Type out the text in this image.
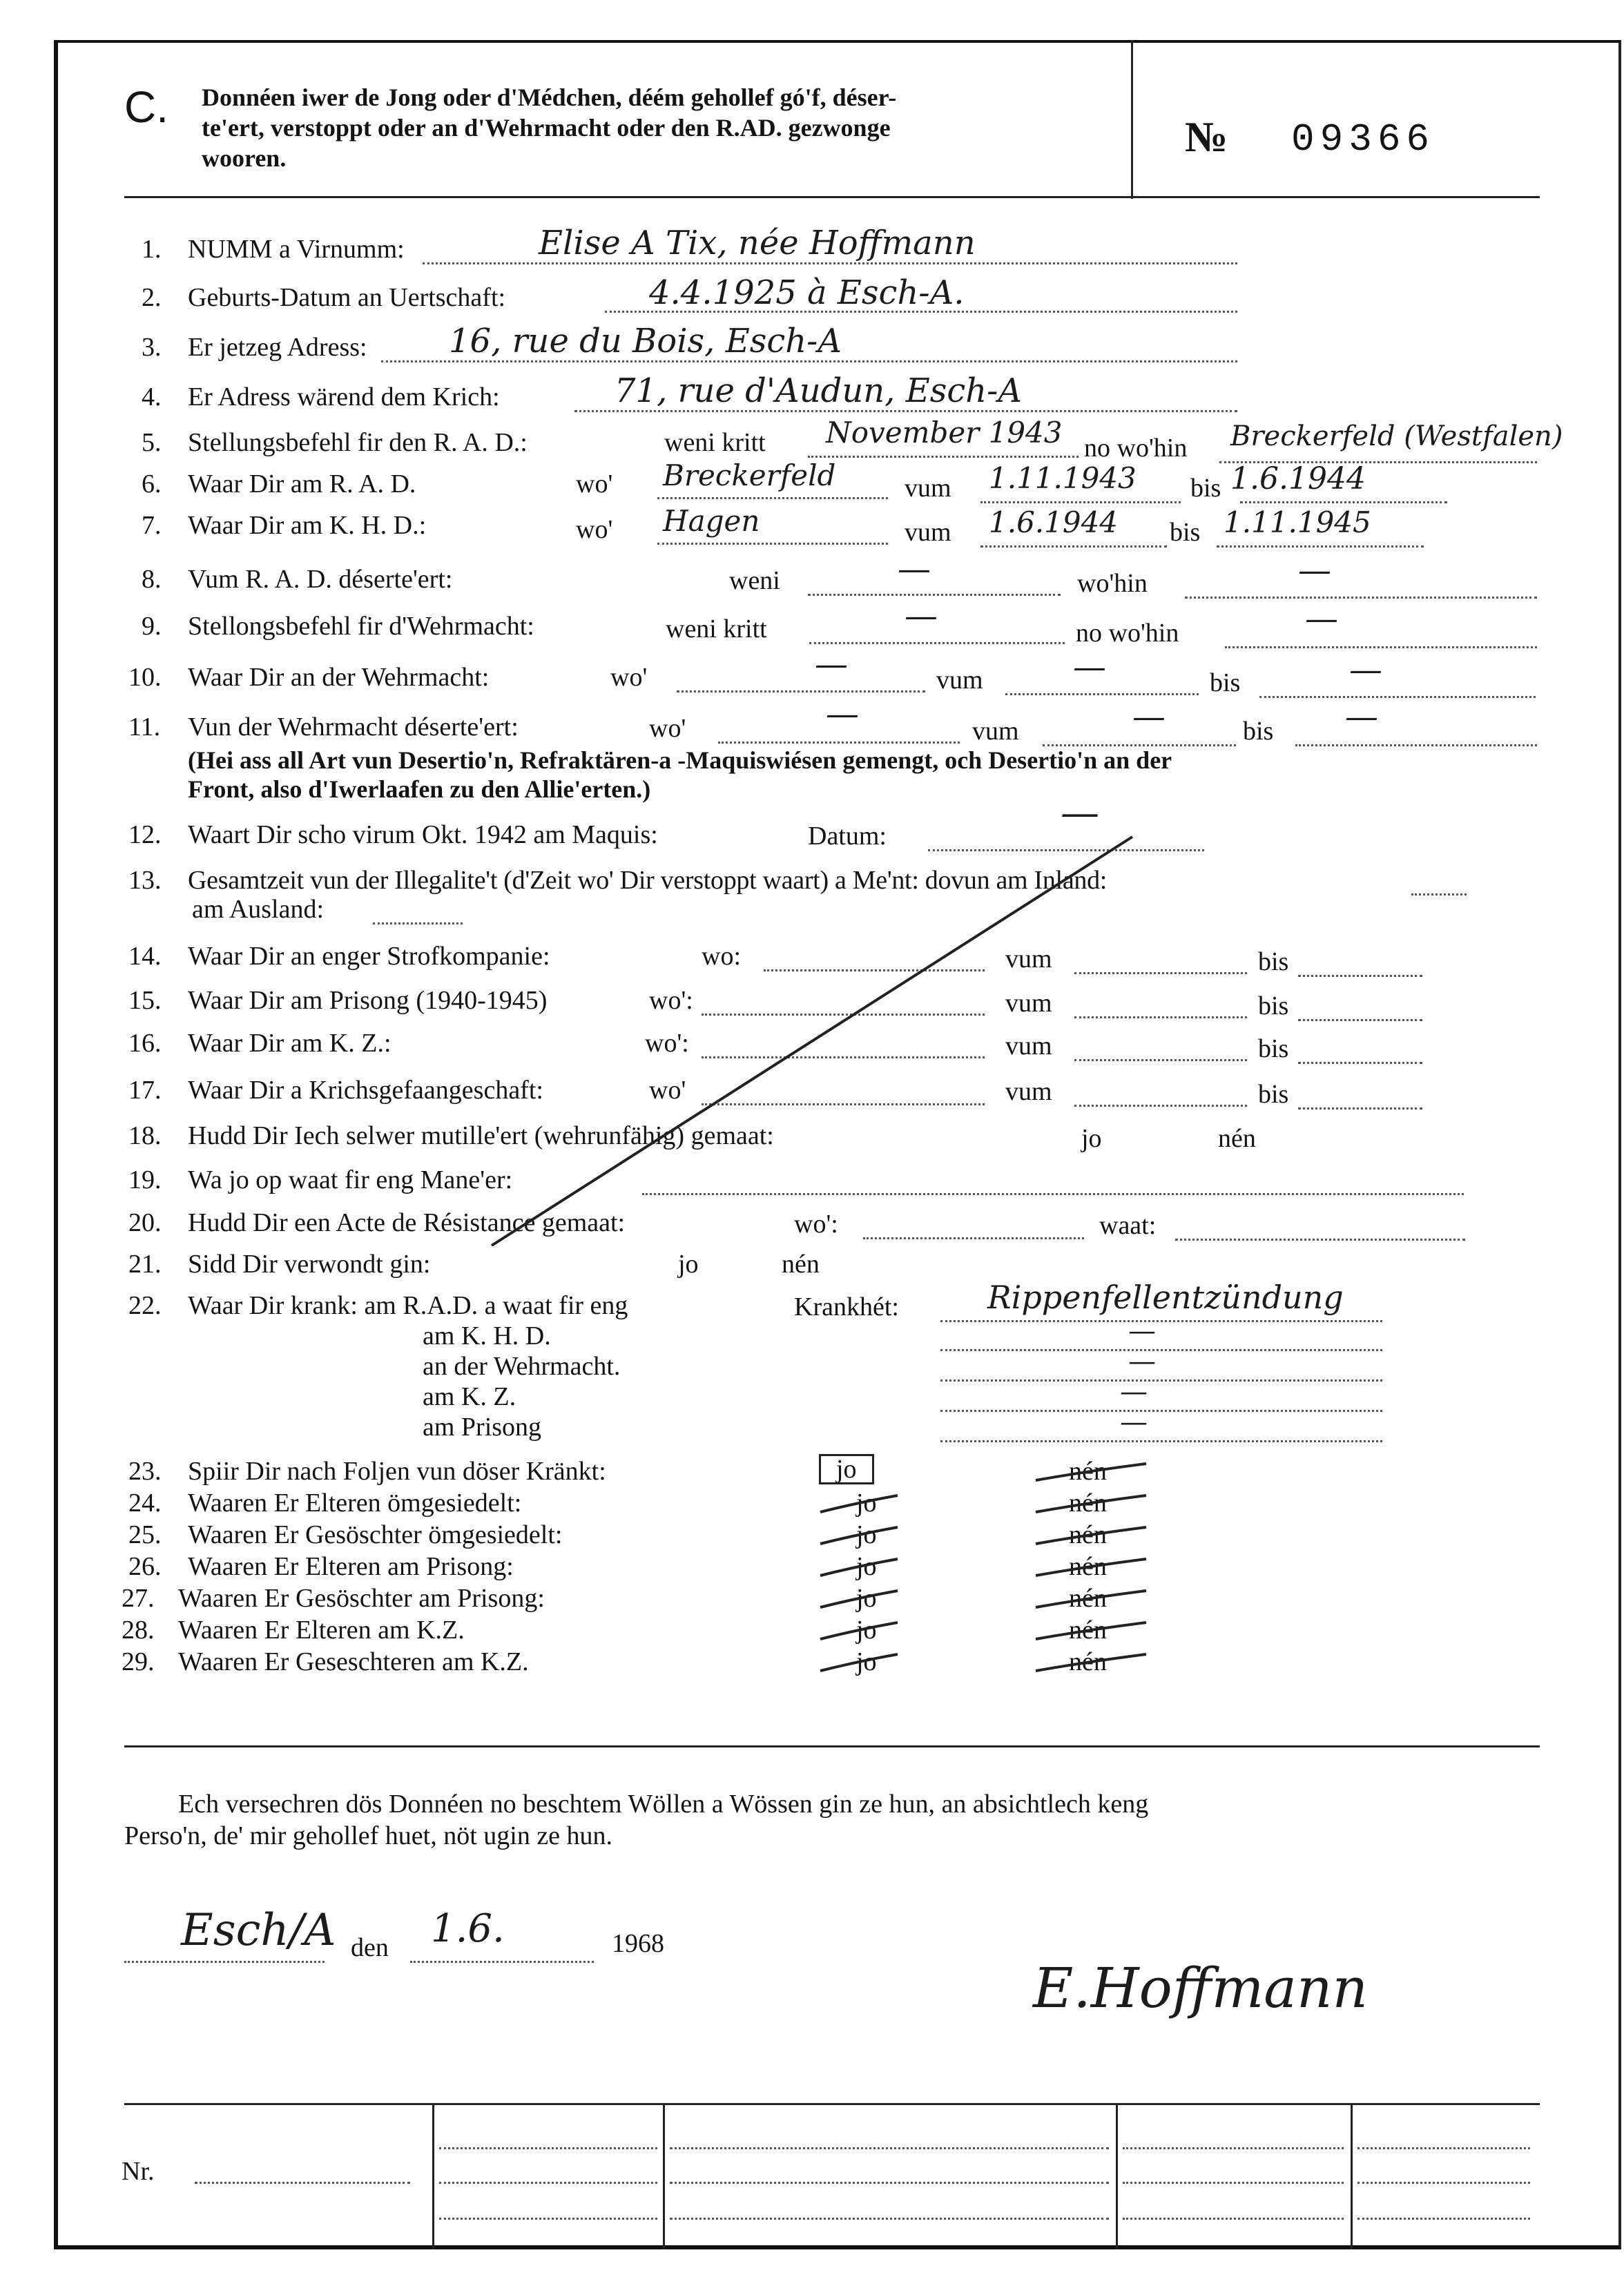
C. Donnéen iwer de Jong oder d'Médchen, déém gehollef gó'f, déser-
te'ert, verstoppt oder an d'Wehrmacht oder den R.AD. gezwonge
wooren.	№ 09366
1. NUMM a Virnumm:	Elise A Tix, née Hoffmann
2. Geburts-Datum an Uertschaft:	4.4.1925 à Esch-A.
3. Er jetzeg Adress: 16, rue du Bois, Esch-A
4. Er Adress wärend dem Krich:	71, rue d'Audun, Esch-A
5. Stellungsbefehl fir den R. A. D.:	weni kritt November 1943 no wo'hin Breckerfeld (Westfalen)
6. Waar Dir am R. A. D.	wo' Breckerfeld	vum 1.11.1943 bis 1.6.1944
7. Waar Dir am K. H. D.:	wo' Hagen	vum 1.6.1944 bis 1.11.1945
8. Vum R. A. D. déserte'ert:	weni	—	wo'hin	—
9. Stellongsbefehl fir d'Wehrmacht:	weni kritt	—	no wo'hin	—
10. Waar Dir an der Wehrmacht:	wo'	—	vum	—	bis	—
11. Vun der Wehrmacht déserte'ert:	wo'	—	vum	—	bis —
(Hei ass all Art vun Desertio'n, Refraktären-a -Maquiswiésen gemengt, och Desertio'n an der
Front, also d'Iwerlaafen zu den Allie'erten.)
12. Waart Dir scho virum Okt. 1942 am Maquis:	Datum:
—
13. Gesamtzeit vun der Illegalite't (d'Zeit wo' Dir verstoppt waart) a Me'nt: dovun am Inland:
am Ausland:
14. Waar Dir an enger Strofkompanie:	wo:	vum	bis
15. Waar Dir am Prisong (1940-1945)	wo':	vum	bis
16. Waar Dir am K. Z.:	wo':	vum	bis
17. Waar Dir a Krichsgefaangeschaft:	wo'	vum	bis
18. Hudd Dir Iech selwer mutille'ert (wehrunfähig) gemaat:	jo	nén
19. Wa jo op waat fir eng Mane'er:
20. Hudd Dir een Acte de Résistance gemaat:	wo':	waat:
21. Sidd Dir verwondt gin:	jo	nén
22. Waar Dir krank: am R.A.D. a waat fir eng	Krankhét:	Rippenfellentzündung
am K. H. D.	—
an der Wehrmacht.	—
am K. Z.	—
am Prisong	—
23. Spiir Dir nach Foljen vun döser Kränkt:	jo	nén
24. Waaren Er Elteren ömgesiedelt:	jo	nén
25. Waaren Er Gesöschter ömgesiedelt:	jo	nén
26. Waaren Er Elteren am Prisong:	jo	nén
27. Waaren Er Gesöschter am Prisong:	jo	nén
28. Waaren Er Elteren am K.Z.	jo	nén
29. Waaren Er Geseschteren am K.Z.	jo	nén
Ech versechren dös Donnéen no beschtem Wöllen a Wössen gin ze hun, an absichtlech keng
Perso'n, de' mir gehollef huet, nöt ugin ze hun.
Esch/A den 1.6.	1968
E.Hoffmann
Nr.
